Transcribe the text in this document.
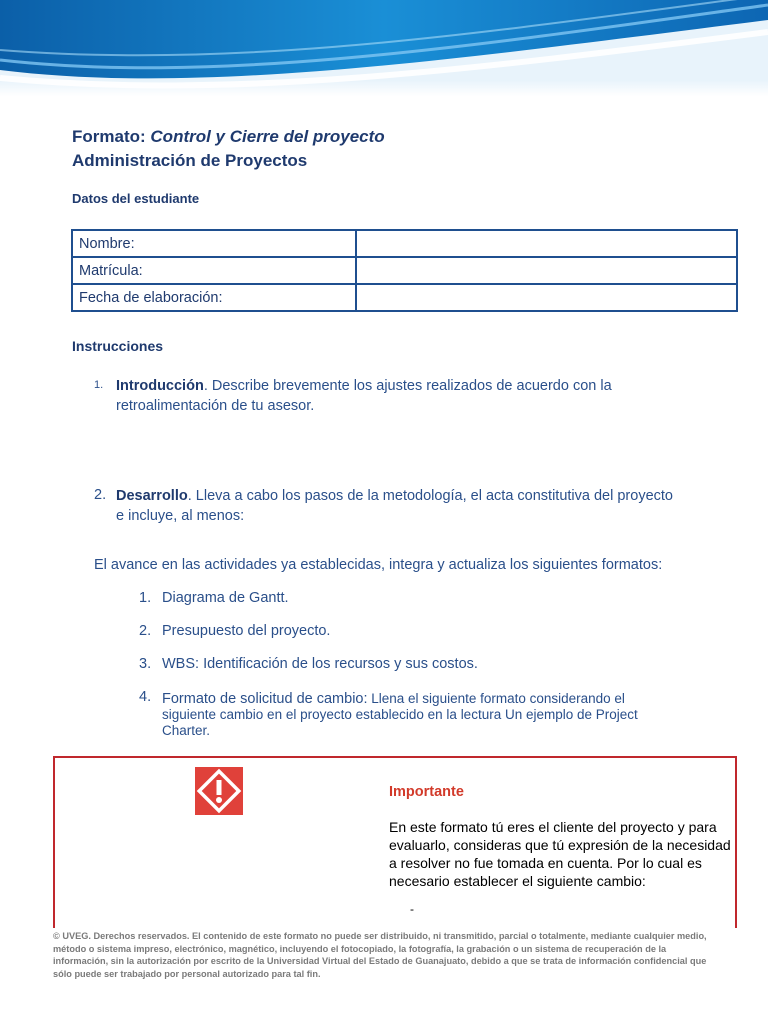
Formato: Control y Cierre del proyecto
Administración de Proyectos
Datos del estudiante
Nombre:	
Matrícula:	
Fecha de elaboración:	
Instrucciones
1. Introducción. Describe brevemente los ajustes realizados de acuerdo con la
retroalimentación de tu asesor.
2. Desarrollo. Lleva a cabo los pasos de la metodología, el acta constitutiva del proyecto
e incluye, al menos:
El avance en las actividades ya establecidas, integra y actualiza los siguientes formatos:
1. Diagrama de Gantt.
2. Presupuesto del proyecto.
3. WBS: Identificación de los recursos y sus costos.
4. Formato de solicitud de cambio: Llena el siguiente formato considerando el
siguiente cambio en el proyecto establecido en la lectura Un ejemplo de Project
Charter.
Importante
En este formato tú eres el cliente del proyecto y para evaluarlo, consideras que tú expresión de la necesidad a resolver no fue tomada en cuenta. Por lo cual es necesario establecer el siguiente cambio:
-
© UVEG. Derechos reservados. El contenido de este formato no puede ser distribuido, ni transmitido, parcial o totalmente, mediante cualquier medio, método o sistema impreso, electrónico, magnético, incluyendo el fotocopiado, la fotografía, la grabación o un sistema de recuperación de la información, sin la autorización por escrito de la Universidad Virtual del Estado de Guanajuato, debido a que se trata de información confidencial que sólo puede ser trabajado por personal autorizado para tal fin.
